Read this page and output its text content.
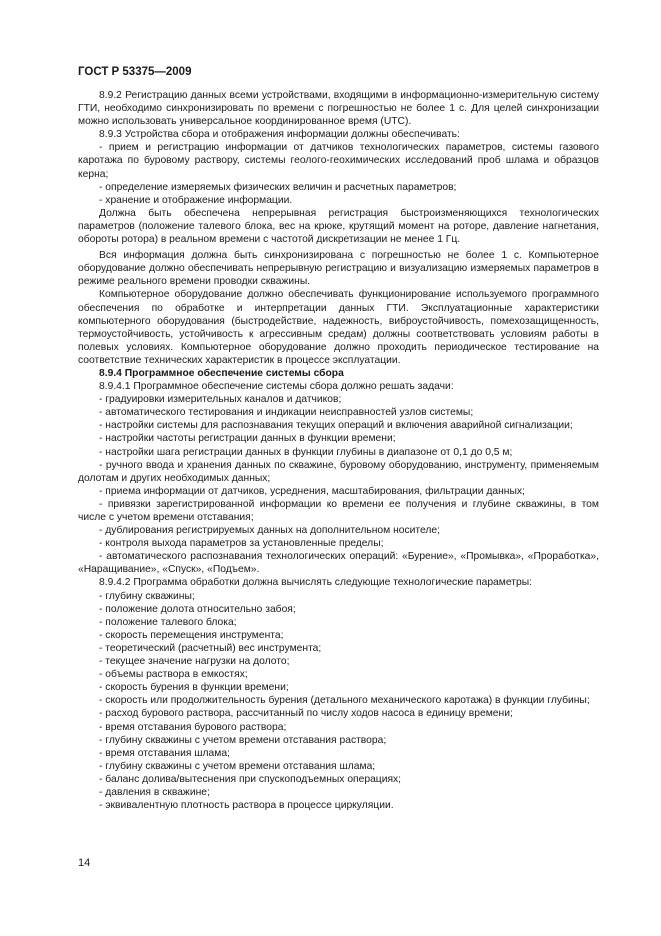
ГОСТ Р 53375—2009

8.9.2 Регистрацию данных всеми устройствами, входящими в информационно-измерительную систему ГТИ, необходимо синхронизировать по времени с погрешностью не более 1 с. Для целей синхронизации можно использовать универсальное координированное время (UTC).

8.9.3 Устройства сбора и отображения информации должны обеспечивать:

- прием и регистрацию информации от датчиков технологических параметров, системы газового каротажа по буровому раствору, системы геолого-геохимических исследований проб шлама и образцов керна;

- определение измеряемых физических величин и расчетных параметров;

- хранение и отображение информации.

Должна быть обеспечена непрерывная регистрация быстроизменяющихся технологических параметров (положение талевого блока, вес на крюке, крутящий момент на роторе, давление нагнетания, обороты ротора) в реальном времени с частотой дискретизации не менее 1 Гц.

Вся информация должна быть синхронизирована с погрешностью не более 1 с. Компьютерное оборудование должно обеспечивать непрерывную регистрацию и визуализацию измеряемых параметров в режиме реального времени проводки скважины.

Компьютерное оборудование должно обеспечивать функционирование используемого программного обеспечения по обработке и интерпретации данных ГТИ. Эксплуатационные характеристики компьютерного оборудования (быстродействие, надежность, виброустойчивость, помехозащищенность, термоустойчивость, устойчивость к агрессивным средам) должны соответствовать условиям работы в полевых условиях. Компьютерное оборудование должно проходить периодическое тестирование на соответствие технических характеристик в процессе эксплуатации.

8.9.4 Программное обеспечение системы сбора

8.9.4.1 Программное обеспечение системы сбора должно решать задачи:

- градуировки измерительных каналов и датчиков;

- автоматического тестирования и индикации неисправностей узлов системы;

- настройки системы для распознавания текущих операций и включения аварийной сигнализации;

- настройки частоты регистрации данных в функции времени;

- настройки шага регистрации данных в функции глубины в диапазоне от 0,1 до 0,5 м;

- ручного ввода и хранения данных по скважине, буровому оборудованию, инструменту, применяемым долотам и других необходимых данных;

- приема информации от датчиков, усреднения, масштабирования, фильтрации данных;

- привязки зарегистрированной информации ко времени ее получения и глубине скважины, в том числе с учетом времени отставания;

- дублирования регистрируемых данных на дополнительном носителе;

- контроля выхода параметров за установленные пределы;

- автоматического распознавания технологических операций: «Бурение», «Промывка», «Проработка», «Наращивание», «Спуск», «Подъем».

8.9.4.2 Программа обработки должна вычислять следующие технологические параметры:

- глубину скважины;

- положение долота относительно забоя;

- положение талевого блока;

- скорость перемещения инструмента;

- теоретический (расчетный) вес инструмента;

- текущее значение нагрузки на долото;

- объемы раствора в емкостях;

- скорость бурения в функции времени;

- скорость или продолжительность бурения (детального механического каротажа) в функции глубины;

- расход бурового раствора, рассчитанный по числу ходов насоса в единицу времени;

- время отставания бурового раствора;

- глубину скважины с учетом времени отставания раствора;

- время отставания шлама;

- глубину скважины с учетом времени отставания шлама;

- баланс долива/вытеснения при спускоподъемных операциях;

- давления в скважине;

- эквивалентную плотность раствора в процессе циркуляции.

14
